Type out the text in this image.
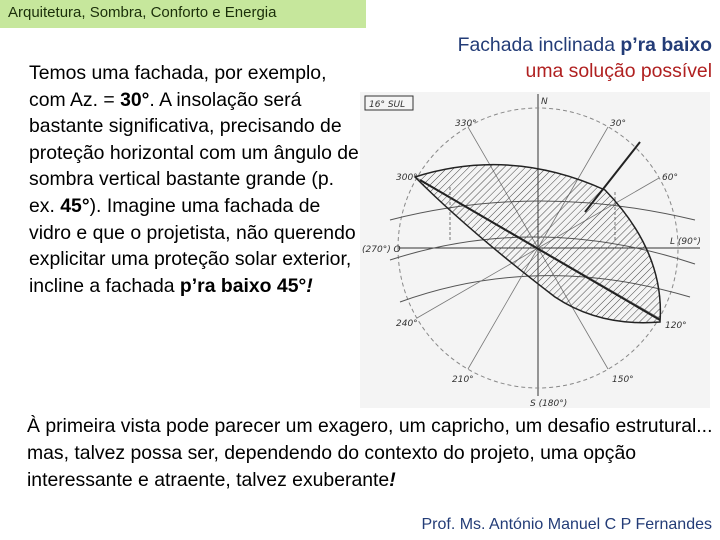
Arquitetura, Sombra, Conforto e Energia
Temos uma fachada, por exemplo, com Az. = 30°. A insolação será bastante significativa, precisando de proteção horizontal com um ângulo de sombra vertical bastante grande (p. ex. 45°). Imagine uma fachada de vidro e que o projetista, não querendo explicitar uma proteção solar exterior, incline a fachada p’ra baixo 45°!
Fachada inclinada p’ra baixo
uma solução possível
16° SUL	N
S (180°)
L (90°)
(270°) O
330°	30°
300°	60°
240°	120°
210°	150°
À primeira vista pode parecer um exagero, um capricho, um desafio estrutural... mas, talvez possa ser, dependendo do contexto do projeto, uma opção interessante e atraente, talvez exuberante!
Prof. Ms. António Manuel C P Fernandes
